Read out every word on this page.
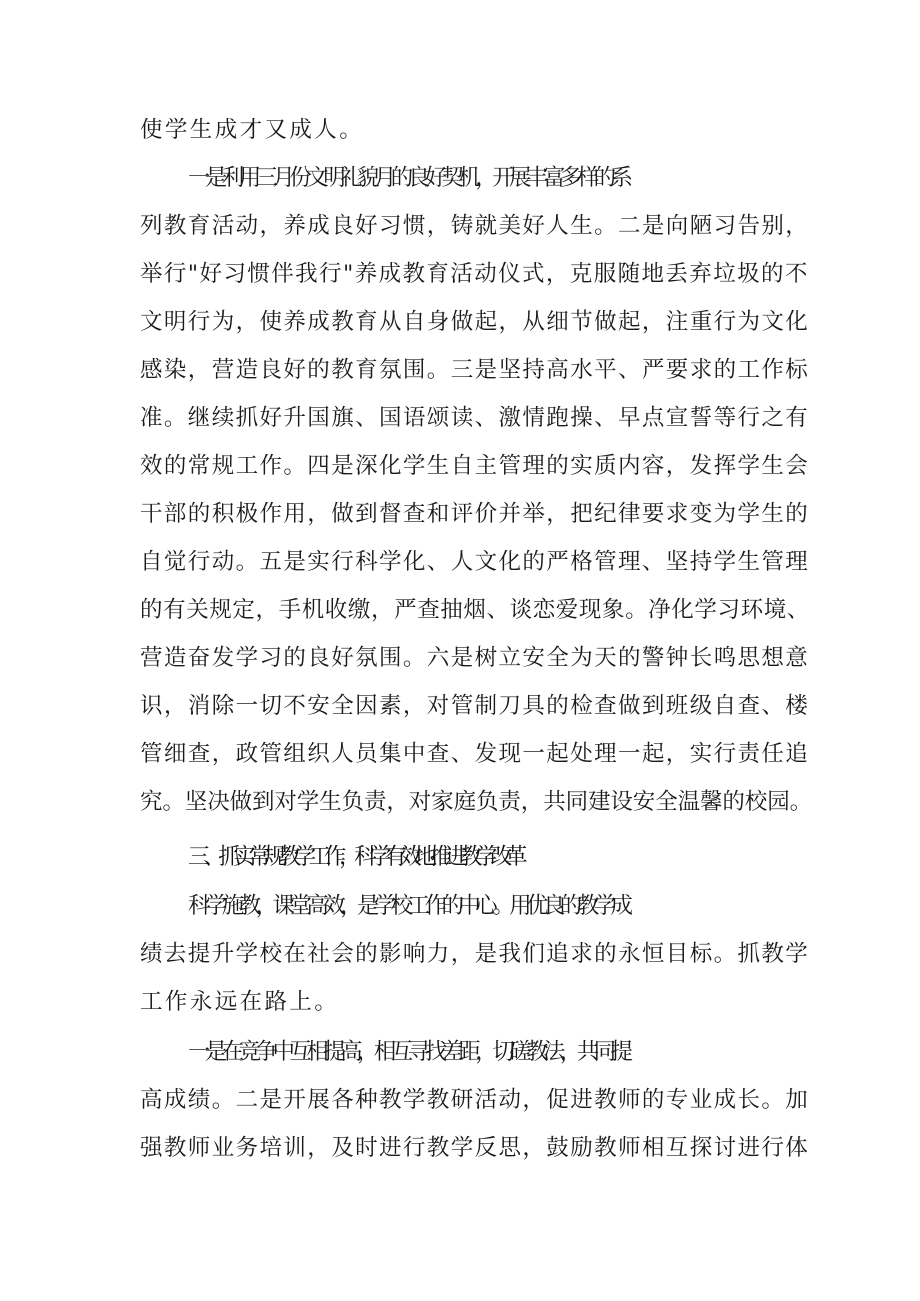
使学生成才又成人。
一是利用三月份文明礼貌月的良好契机，开展丰富多样的系
列教育活动，养成良好习惯，铸就美好人生。二是向陋习告别，
举行"好习惯伴我行"养成教育活动仪式，克服随地丢弃垃圾的不
文明行为，使养成教育从自身做起，从细节做起，注重行为文化
感染，营造良好的教育氛围。三是坚持高水平、严要求的工作标
准。继续抓好升国旗、国语颂读、激情跑操、早点宣誓等行之有
效的常规工作。四是深化学生自主管理的实质内容，发挥学生会
干部的积极作用，做到督查和评价并举，把纪律要求变为学生的
自觉行动。五是实行科学化、人文化的严格管理、坚持学生管理
的有关规定，手机收缴，严查抽烟、谈恋爱现象。净化学习环境、
营造奋发学习的良好氛围。六是树立安全为天的警钟长鸣思想意
识，消除一切不安全因素，对管制刀具的检查做到班级自查、楼
管细查，政管组织人员集中查、发现一起处理一起，实行责任追
究。坚决做到对学生负责，对家庭负责，共同建设安全温馨的校园。
三、抓实常规教学工作，科学有效地推进教学改革
科学施教，课堂高效，是学校工作的中心。用优良的教学成
绩去提升学校在社会的影响力，是我们追求的永恒目标。抓教学
工作永远在路上。
一是在竞争中互相提高，相互寻找差距，切磋教法，共同提
高成绩。二是开展各种教学教研活动，促进教师的专业成长。加
强教师业务培训，及时进行教学反思，鼓励教师相互探讨进行体
